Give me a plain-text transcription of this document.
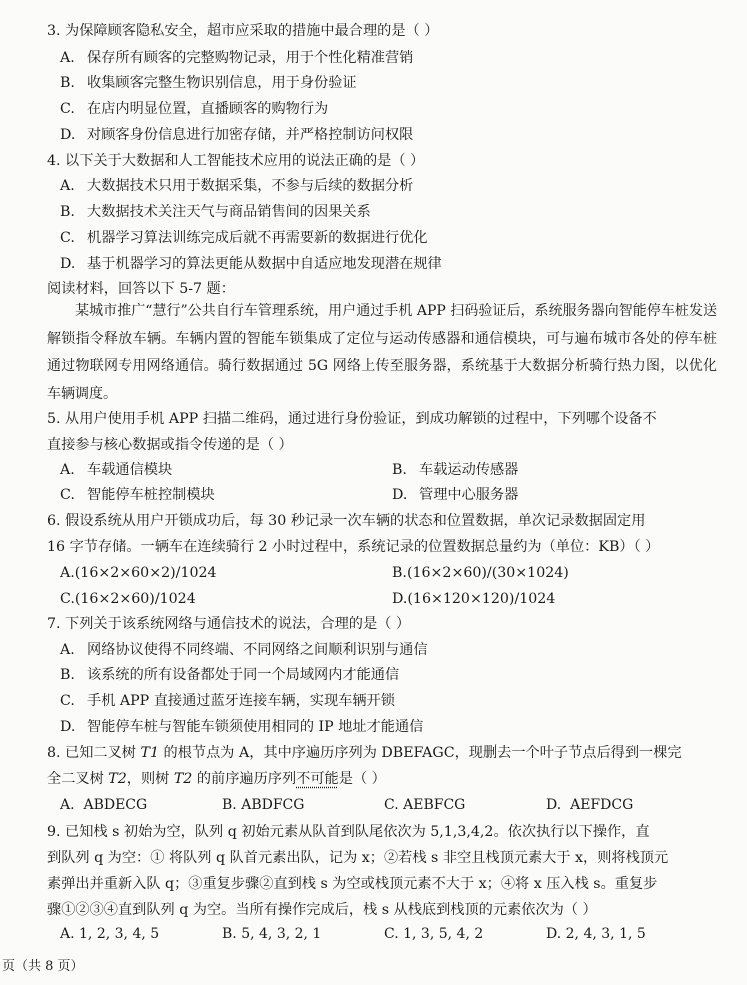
3. 为保障顾客隐私安全，超市应采取的措施中最合理的是（ ）
A. 保存所有顾客的完整购物记录，用于个性化精准营销
B. 收集顾客完整生物识别信息，用于身份验证
C. 在店内明显位置，直播顾客的购物行为
D. 对顾客身份信息进行加密存储，并严格控制访问权限
4. 以下关于大数据和人工智能技术应用的说法正确的是（ ）
A. 大数据技术只用于数据采集，不参与后续的数据分析
B. 大数据技术关注天气与商品销售间的因果关系
C. 机器学习算法训练完成后就不再需要新的数据进行优化
D. 基于机器学习的算法更能从数据中自适应地发现潜在规律
阅读材料，回答以下 5-7 题：

　　某城市推广“慧行”公共自行车管理系统，用户通过手机 APP 扫码验证后，系统服务器向智能停车桩发送解锁指令释放车辆。车辆内置的智能车锁集成了定位与运动传感器和通信模块，可与遍布城市各处的停车桩通过物联网专用网络通信。骑行数据通过 5G 网络上传至服务器，系统基于大数据分析骑行热力图，以优化车辆调度。

5. 从用户使用手机 APP 扫描二维码，通过进行身份验证，到成功解锁的过程中，下列哪个设备不
直接参与核心数据或指令传递的是（ ）
A. 车载通信模块	B. 车载运动传感器
C. 智能停车桩控制模块	D. 管理中心服务器
6. 假设系统从用户开锁成功后，每 30 秒记录一次车辆的状态和位置数据，单次记录数据固定用
16 字节存储。一辆车在连续骑行 2 小时过程中，系统记录的位置数据总量约为（单位：KB）（ ）
A.(16×2×60×2)/1024	B.(16×2×60)/(30×1024)
C.(16×2×60)/1024	D.(16×120×120)/1024
7. 下列关于该系统网络与通信技术的说法，合理的是（ ）
A. 网络协议使得不同终端、不同网络之间顺利识别与通信
B. 该系统的所有设备都处于同一个局域网内才能通信
C. 手机 APP 直接通过蓝牙连接车辆，实现车辆开锁
D. 智能停车桩与智能车锁须使用相同的 IP 地址才能通信
8. 已知二叉树 T1 的根节点为 A，其中序遍历序列为 DBEFAGC，现删去一个叶子节点后得到一棵完
全二叉树 T2，则树 T2 的前序遍历序列不可能是（ ）
A. ABDECG	B. ABDFCG	C. AEBFCG	D. AEFDCG
9. 已知栈 s 初始为空，队列 q 初始元素从队首到队尾依次为 5,1,3,4,2。依次执行以下操作，直
到队列 q 为空：① 将队列 q 队首元素出队，记为 x；②若栈 s 非空且栈顶元素大于 x，则将栈顶元
素弹出并重新入队 q；③重复步骤②直到栈 s 为空或栈顶元素不大于 x；④将 x 压入栈 s。重复步
骤①②③④直到队列 q 为空。当所有操作完成后，栈 s 从栈底到栈顶的元素依次为（ ）
A. 1, 2, 3, 4, 5	B. 5, 4, 3, 2, 1	C. 1, 3, 5, 4, 2	D. 2, 4, 3, 1, 5
页（共 8 页）
